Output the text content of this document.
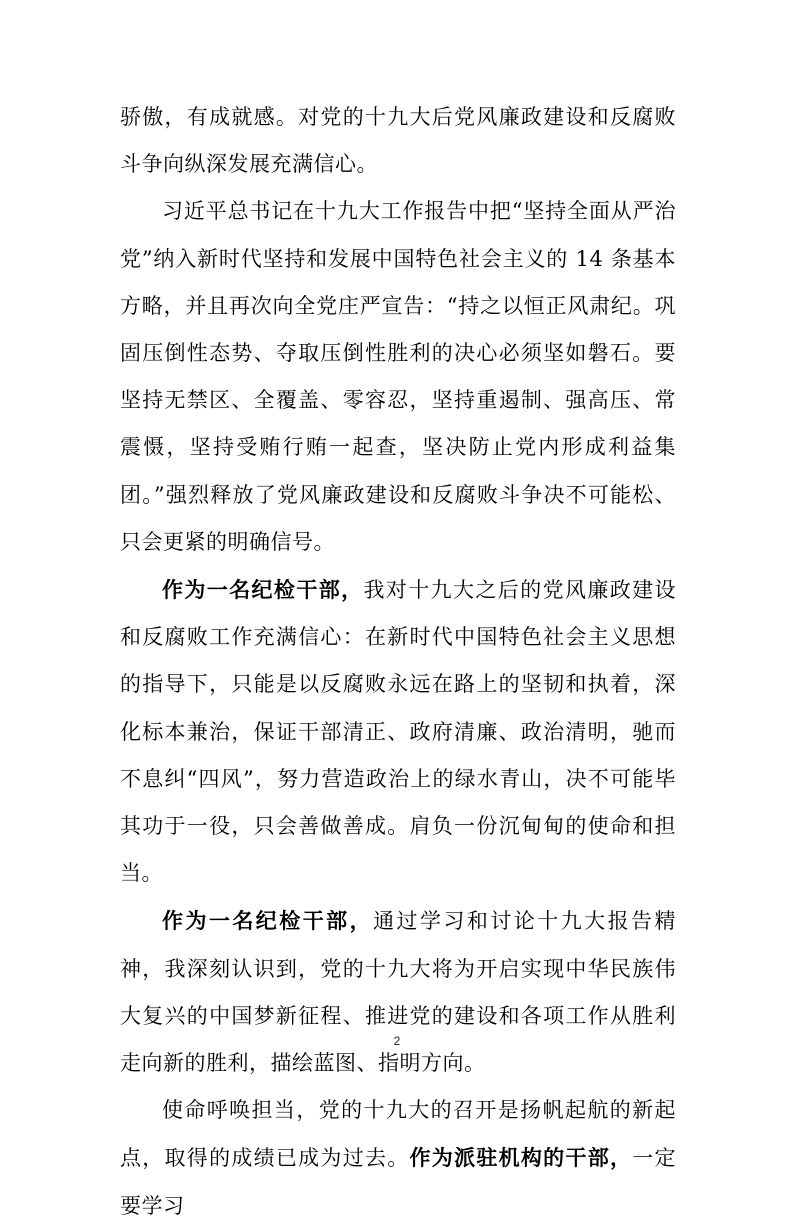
骄傲，有成就感。对党的十九大后党风廉政建设和反腐败斗争向纵深发展充满信心。

习近平总书记在十九大工作报告中把“坚持全面从严治党”纳入新时代坚持和发展中国特色社会主义的 14 条基本方略，并且再次向全党庄严宣告：“持之以恒正风肃纪。巩固压倒性态势、夺取压倒性胜利的决心必须坚如磐石。要坚持无禁区、全覆盖、零容忍，坚持重遏制、强高压、常震慑，坚持受贿行贿一起查，坚决防止党内形成利益集团。”强烈释放了党风廉政建设和反腐败斗争决不可能松、只会更紧的明确信号。

作为一名纪检干部，我对十九大之后的党风廉政建设和反腐败工作充满信心：在新时代中国特色社会主义思想的指导下，只能是以反腐败永远在路上的坚韧和执着，深化标本兼治，保证干部清正、政府清廉、政治清明，驰而不息纠“四风”，努力营造政治上的绿水青山，决不可能毕其功于一役，只会善做善成。肩负一份沉甸甸的使命和担当。

作为一名纪检干部，通过学习和讨论十九大报告精神，我深刻认识到，党的十九大将为开启实现中华民族伟大复兴的中国梦新征程、推进党的建设和各项工作从胜利走向新的胜利，描绘蓝图、指明方向。

使命呼唤担当，党的十九大的召开是扬帆起航的新起点，取得的成绩已成为过去。作为派驻机构的干部，一定要学习

2
